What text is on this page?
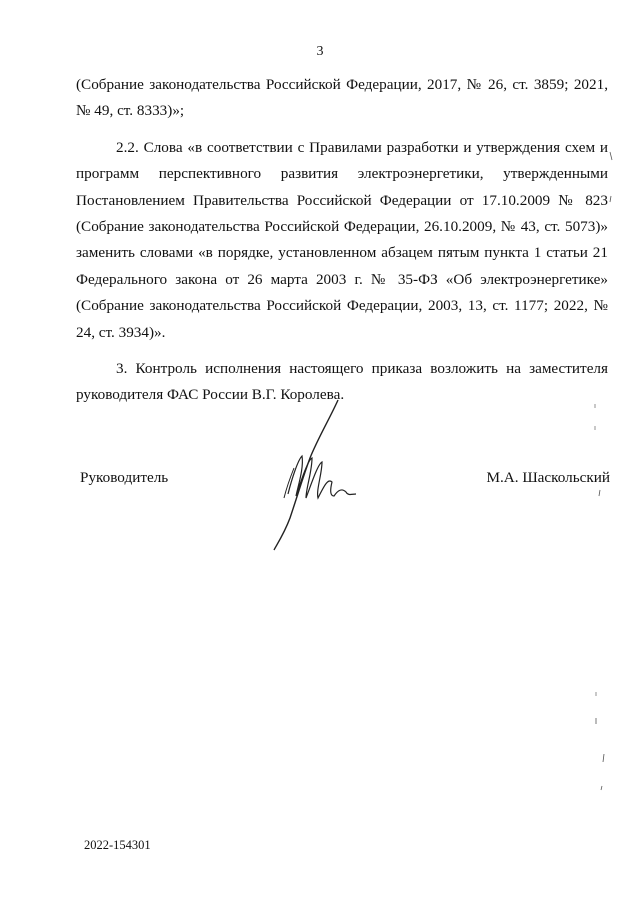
3

(Собрание законодательства Российской Федерации, 2017, № 26, ст. 3859; 2021, № 49, ст. 8333)»;

2.2. Слова «в соответствии с Правилами разработки и утверждения схем и программ перспективного развития электроэнергетики, утвержденными Постановлением Правительства Российской Федерации от 17.10.2009 № 823 (Собрание законодательства Российской Федерации, 26.10.2009, № 43, ст. 5073)» заменить словами «в порядке, установленном абзацем пятым пункта 1 статьи 21 Федерального закона от 26 марта 2003 г. № 35-ФЗ «Об электроэнергетике» (Собрание законодательства Российской Федерации, 2003, 13, ст. 1177; 2022, № 24, ст. 3934)».

3. Контроль исполнения настоящего приказа возложить на заместителя руководителя ФАС России В.Г. Королева.

Руководитель	М.А. Шаскольский
2022-154301
